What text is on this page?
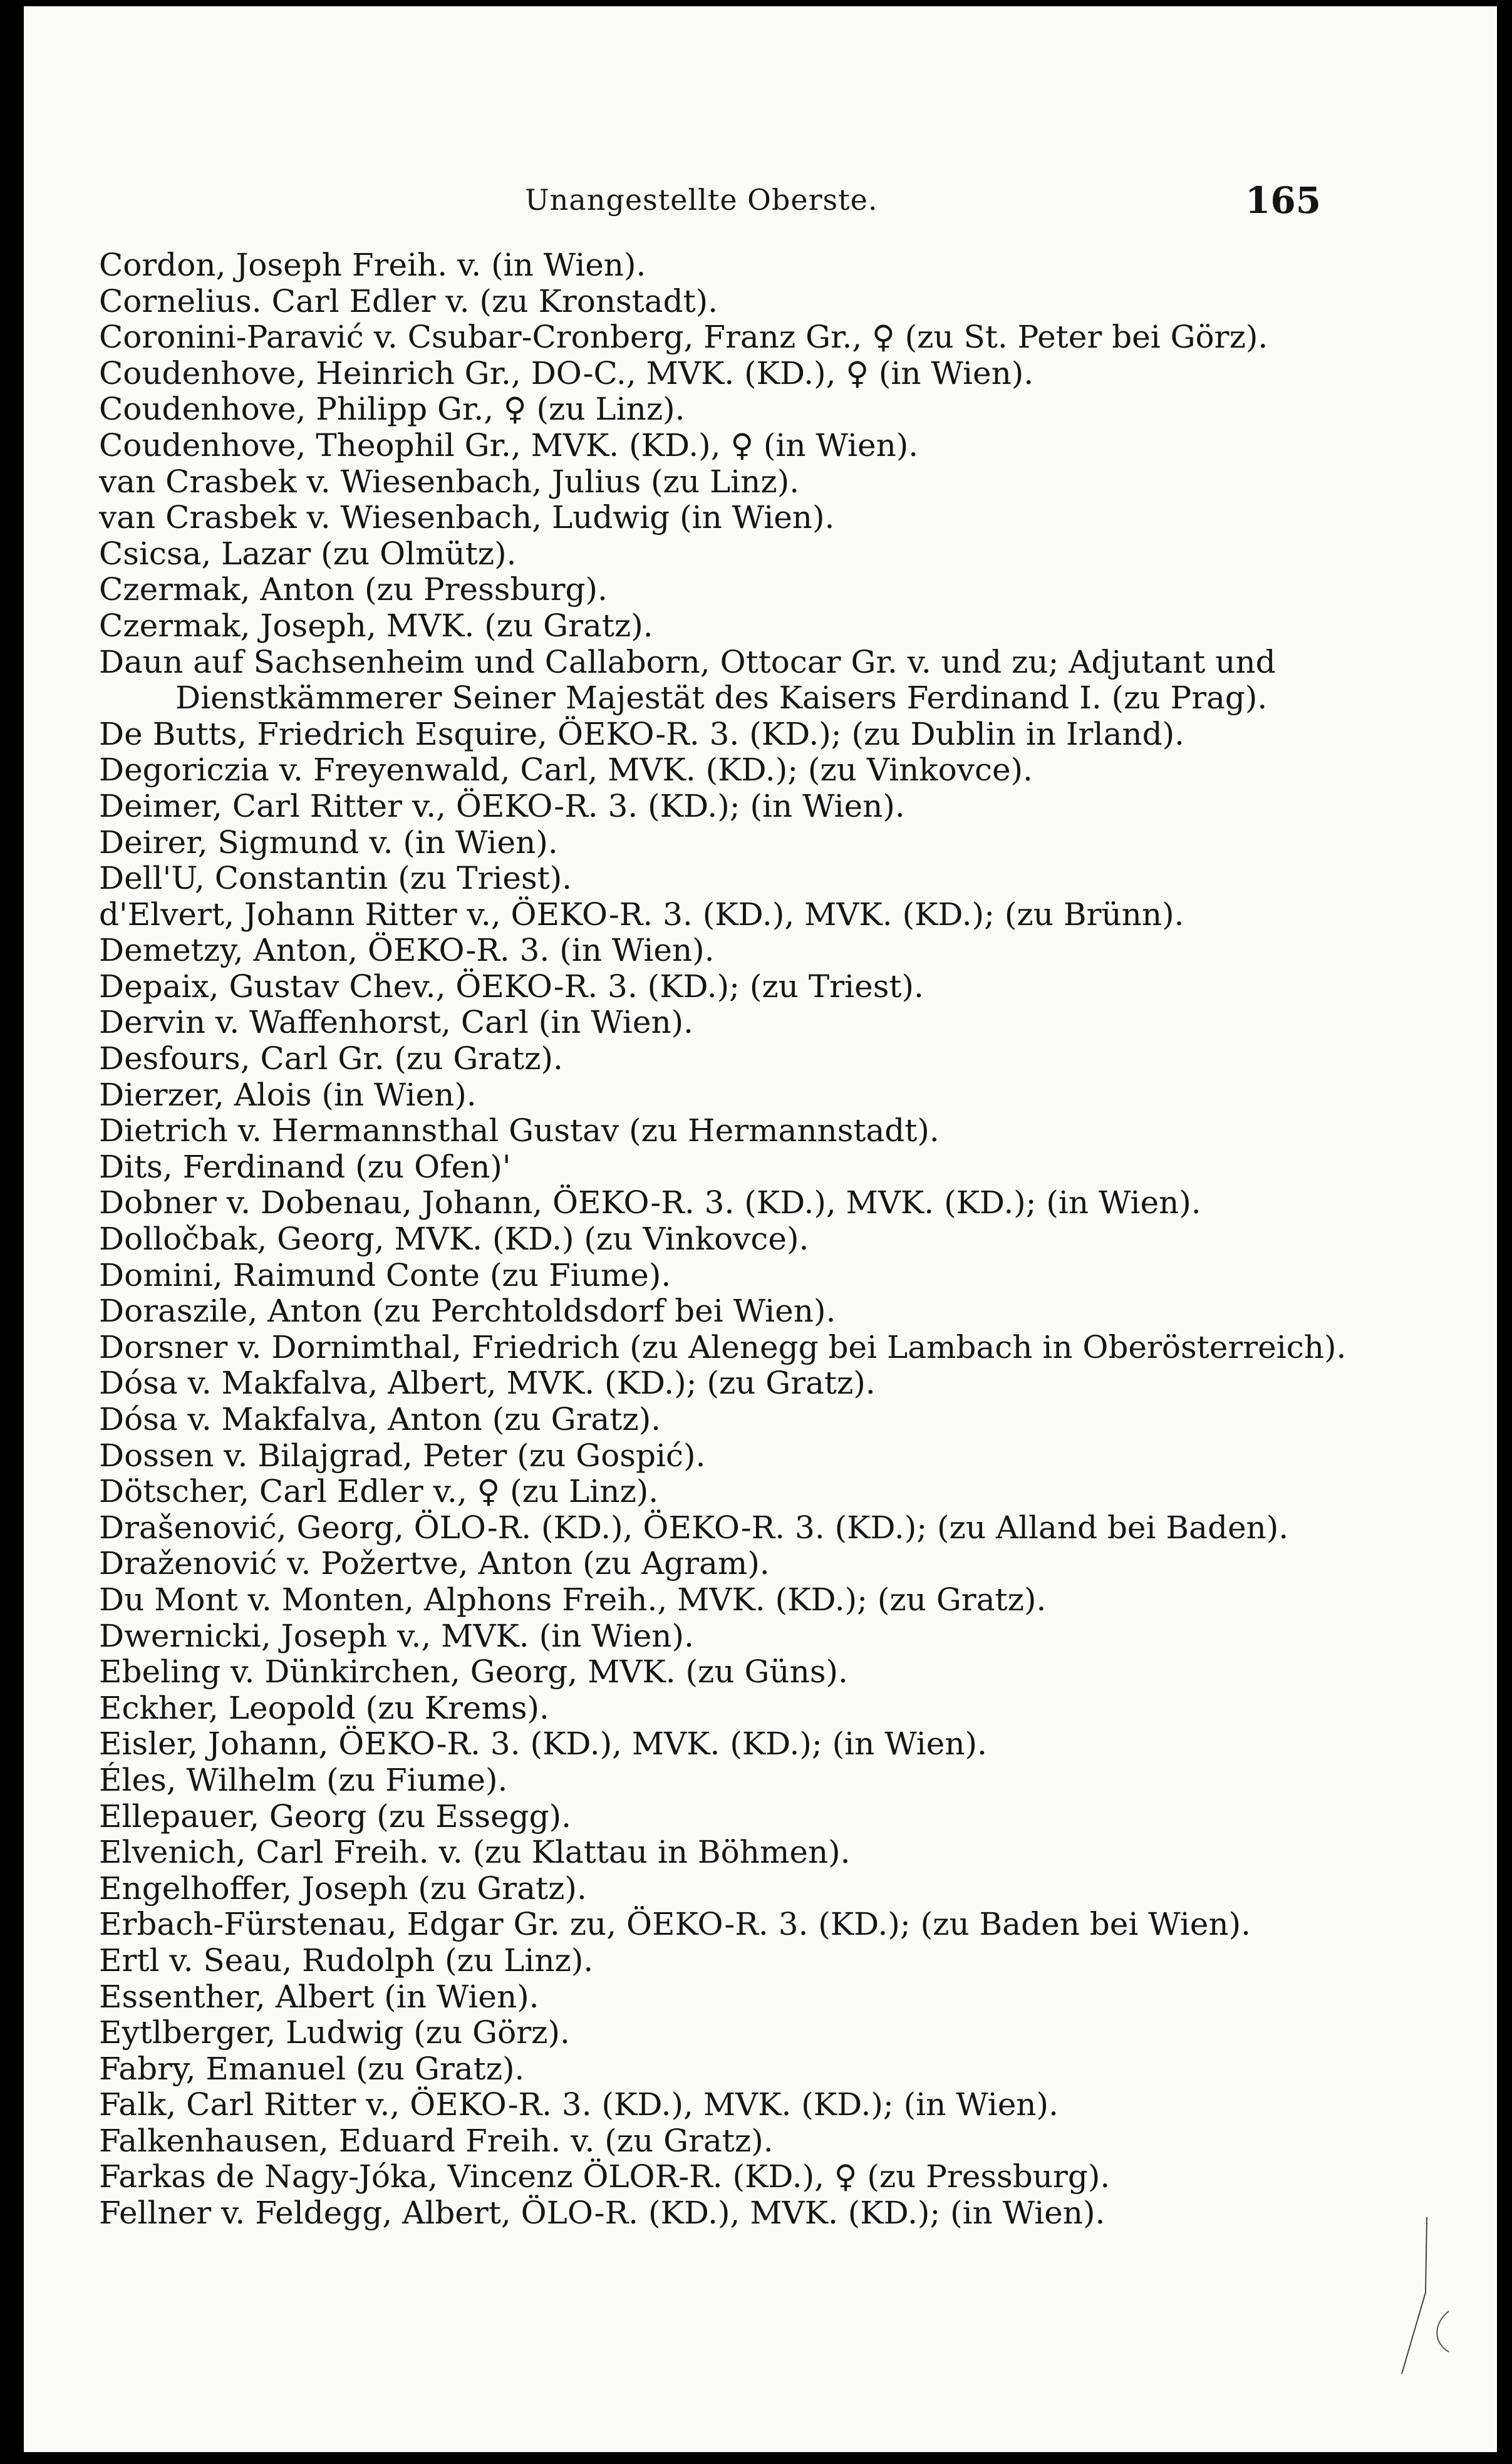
Unangestellte Oberste.	165
Cordon, Joseph Freih. v. (in Wien).
Cornelius. Carl Edler v. (zu Kronstadt).
Coronini-Paravić v. Csubar-Cronberg, Franz Gr., ♀ (zu St. Peter bei Görz).
Coudenhove, Heinrich Gr., DO-C., MVK. (KD.), ♀ (in Wien).
Coudenhove, Philipp Gr., ♀ (zu Linz).
Coudenhove, Theophil Gr., MVK. (KD.), ♀ (in Wien).
van Crasbek v. Wiesenbach, Julius (zu Linz).
van Crasbek v. Wiesenbach, Ludwig (in Wien).
Csicsa, Lazar (zu Olmütz).
Czermak, Anton (zu Pressburg).
Czermak, Joseph, MVK. (zu Gratz).
Daun auf Sachsenheim und Callaborn, Ottocar Gr. v. und zu; Adjutant und Dienstkämmerer Seiner Majestät des Kaisers Ferdinand I. (zu Prag).
De Butts, Friedrich Esquire, ÖEKO-R. 3. (KD.); (zu Dublin in Irland).
Degoriczia v. Freyenwald, Carl, MVK. (KD.); (zu Vinkovce).
Deimer, Carl Ritter v., ÖEKO-R. 3. (KD.); (in Wien).
Deirer, Sigmund v. (in Wien).
Dell'U, Constantin (zu Triest).
d'Elvert, Johann Ritter v., ÖEKO-R. 3. (KD.), MVK. (KD.); (zu Brünn).
Demetzy, Anton, ÖEKO-R. 3. (in Wien).
Depaix, Gustav Chev., ÖEKO-R. 3. (KD.); (zu Triest).
Dervin v. Waffenhorst, Carl (in Wien).
Desfours, Carl Gr. (zu Gratz).
Dierzer, Alois (in Wien).
Dietrich v. Hermannsthal Gustav (zu Hermannstadt).
Dits, Ferdinand (zu Ofen)'
Dobner v. Dobenau, Johann, ÖEKO-R. 3. (KD.), MVK. (KD.); (in Wien).
Dolločbak, Georg, MVK. (KD.) (zu Vinkovce).
Domini, Raimund Conte (zu Fiume).
Doraszile, Anton (zu Perchtoldsdorf bei Wien).
Dorsner v. Dornimthal, Friedrich (zu Alenegg bei Lambach in Oberösterreich).
Dósa v. Makfalva, Albert, MVK. (KD.); (zu Gratz).
Dósa v. Makfalva, Anton (zu Gratz).
Dossen v. Bilajgrad, Peter (zu Gospić).
Dötscher, Carl Edler v., ♀ (zu Linz).
Drašenović, Georg, ÖLO-R. (KD.), ÖEKO-R. 3. (KD.); (zu Alland bei Baden).
Draženović v. Požertve, Anton (zu Agram).
Du Mont v. Monten, Alphons Freih., MVK. (KD.); (zu Gratz).
Dwernicki, Joseph v., MVK. (in Wien).
Ebeling v. Dünkirchen, Georg, MVK. (zu Güns).
Eckher, Leopold (zu Krems).
Eisler, Johann, ÖEKO-R. 3. (KD.), MVK. (KD.); (in Wien).
Éles, Wilhelm (zu Fiume).
Ellepauer, Georg (zu Essegg).
Elvenich, Carl Freih. v. (zu Klattau in Böhmen).
Engelhoffer, Joseph (zu Gratz).
Erbach-Fürstenau, Edgar Gr. zu, ÖEKO-R. 3. (KD.); (zu Baden bei Wien).
Ertl v. Seau, Rudolph (zu Linz).
Essenther, Albert (in Wien).
Eytlberger, Ludwig (zu Görz).
Fabry, Emanuel (zu Gratz).
Falk, Carl Ritter v., ÖEKO-R. 3. (KD.), MVK. (KD.); (in Wien).
Falkenhausen, Eduard Freih. v. (zu Gratz).
Farkas de Nagy-Jóka, Vincenz ÖLOR-R. (KD.), ♀ (zu Pressburg).
Fellner v. Feldegg, Albert, ÖLO-R. (KD.), MVK. (KD.); (in Wien).
